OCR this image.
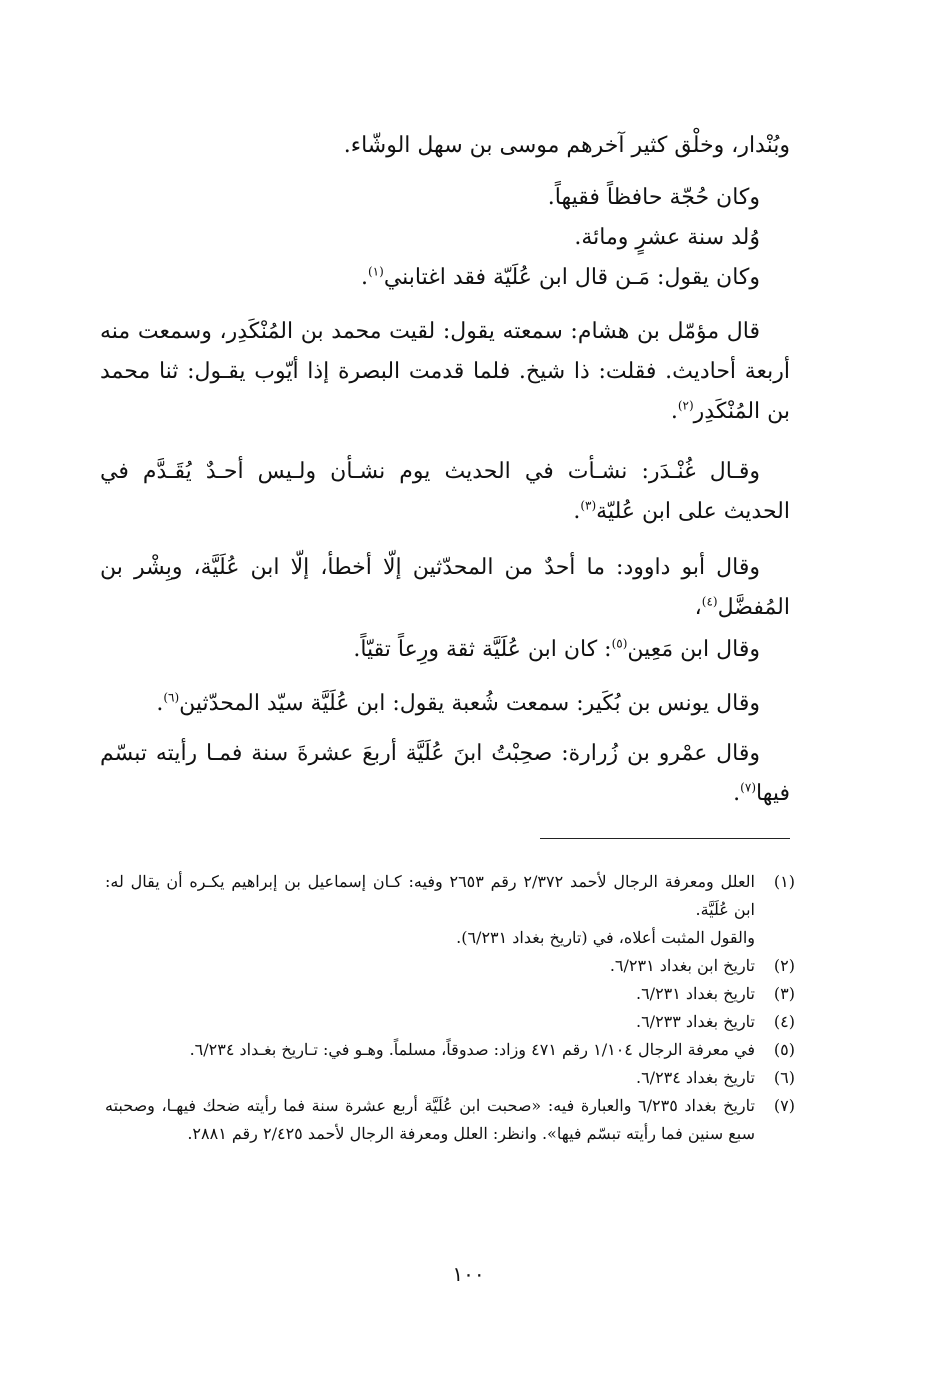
وبُنْدار، وخلْق كثير آخرهم موسى بن سهل الوشّاء.

وكان حُجّة حافظاً فقيهاً.

وُلد سنة عشرٍ ومائة.

وكان يقول: مَـن قال ابن عُلَيّة فقد اغتابني$^{(١)}$.

قال مؤمّل بن هشام: سمعته يقول: لقيت محمد بن المُنْكَدِر، وسمعت منه أربعة أحاديث. فقلت: ذا شيخ. فلما قدمت البصرة إذا أيّوب يقـول: ثنا محمد بن المُنْكَدِر$^{(٢)}$.

وقـال غُنْـدَر: نشـأت في الحديث يوم نشـأن ولـيس أحـدٌ يُقَـدَّم في الحديث على ابن عُليّة$^{(٣)}$.

وقال أبو داوود: ما أحدٌ من المحدّثين إلّا أخطأ، إلّا ابن عُلَيَّة، وبِشْر بن المُفضَّل$^{(٤)}$،

وقال ابن مَعِين$^{(٥)}$: كان ابن عُلَيَّة ثقة ورِعاً تقيّاً.

وقال يونس بن بُكَير: سمعت شُعبة يقول: ابن عُلَيَّة سيّد المحدّثين$^{(٦)}$.

وقال عمْرو بن زُرارة: صحِبْتُ ابنَ عُلَيَّة أربعَ عشرةَ سنة فمـا رأيته تبسّم فيها$^{(٧)}$.

(١)
العلل ومعرفة الرجال لأحمد ٢/٣٧٢ رقم ٢٦٥٣ وفيه: كـان إسماعيل بن إبراهيم يكـره أن يقال له: ابن عُلَيَّة.
والقول المثبت أعلاه، في (تاريخ بغداد ٦/٢٣١).
(٢)
تاريخ ابن بغداد ٦/٢٣١.
(٣)
تاريخ بغداد ٦/٢٣١.
(٤)
تاريخ بغداد ٦/٢٣٣.
(٥)
في معرفة الرجال ١/١٠٤ رقم ٤٧١ وزاد: صدوقاً، مسلماً. وهـو في: تـاريخ بغـداد ٦/٢٣٤.
(٦)
تاريخ بغداد ٦/٢٣٤.
(٧)
تاريخ بغداد ٦/٢٣٥ والعبارة فيه: «صحبت ابن عُلَيَّة أربع عشرة سنة فما رأيته ضحك فيهـا، وصحبته سبع سنين فما رأيته تبسّم فيها». وانظر: العلل ومعرفة الرجال لأحمد ٢/٤٢٥ رقم ٢٨٨١.
١٠٠
